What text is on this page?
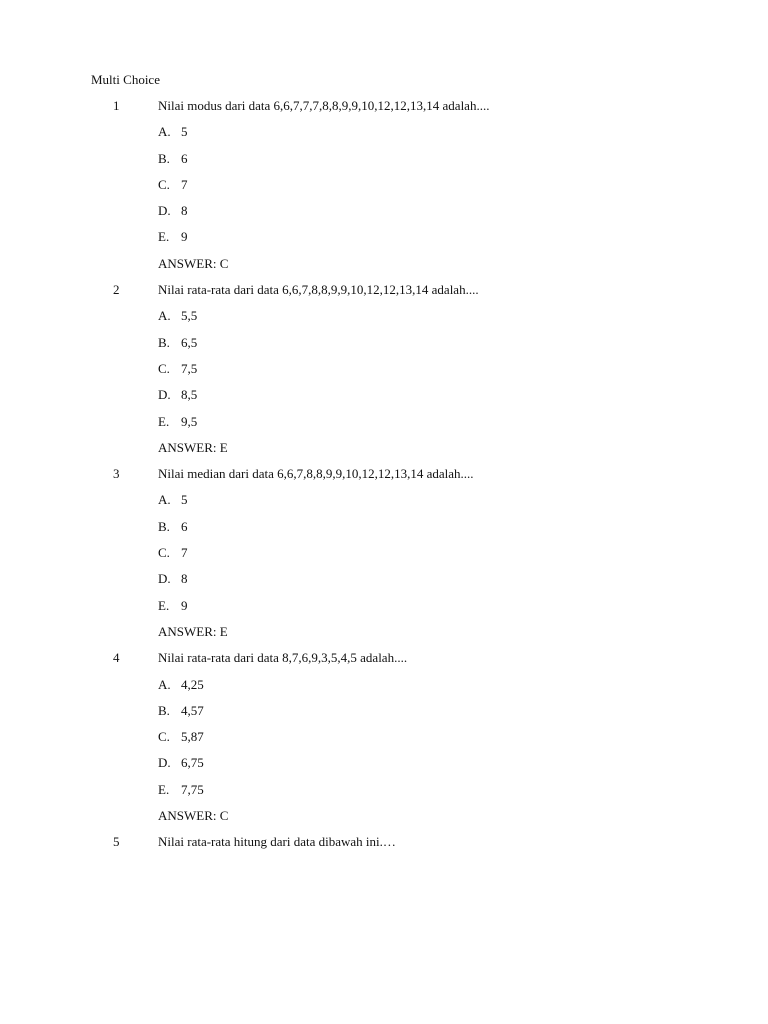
Multi Choice
1	Nilai modus dari data 6,6,7,7,7,8,8,9,9,10,12,12,13,14 adalah....
A. 5
B. 6
C. 7
D. 8
E. 9
ANSWER: C
2	Nilai rata-rata dari data 6,6,7,8,8,9,9,10,12,12,13,14 adalah....
A. 5,5
B. 6,5
C. 7,5
D. 8,5
E. 9,5
ANSWER: E
3	Nilai median dari data 6,6,7,8,8,9,9,10,12,12,13,14 adalah....
A. 5
B. 6
C. 7
D. 8
E. 9
ANSWER: E
4	Nilai rata-rata dari data 8,7,6,9,3,5,4,5 adalah....
A. 4,25
B. 4,57
C. 5,87
D. 6,75
E. 7,75
ANSWER: C
5	Nilai rata-rata hitung dari data dibawah ini.…
